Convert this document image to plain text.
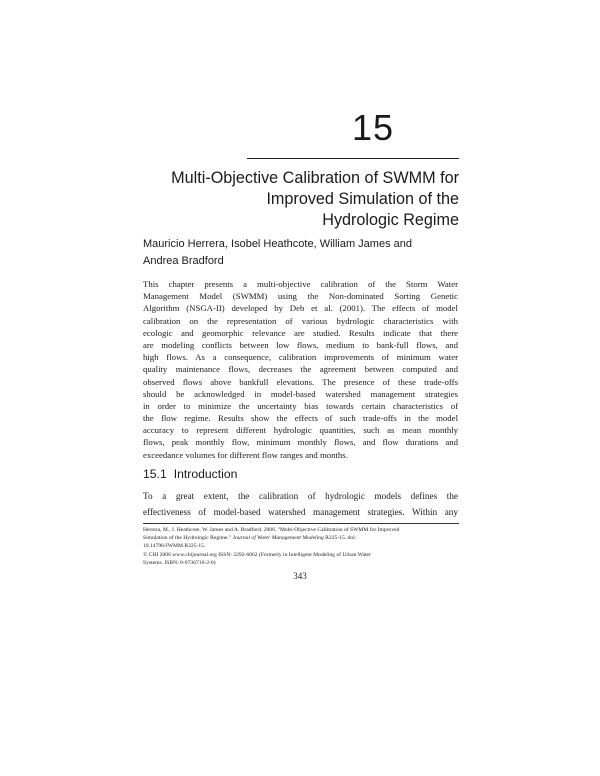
15
Multi-Objective Calibration of SWMM for
Improved Simulation of the
Hydrologic Regime
Mauricio Herrera, Isobel Heathcote, William James and
Andrea Bradford
This chapter presents a multi-objective calibration of the Storm Water
Management Model (SWMM) using the Non-dominated Sorting Genetic
Algorithm (NSGA-II) developed by Deb et al. (2001). The effects of model
calibration on the representation of various hydrologic characteristics with
ecologic and geomorphic relevance are studied. Results indicate that there
are modeling conflicts between low flows, medium to bank-full flows, and
high flows. As a consequence, calibration improvements of minimum water
quality maintenance flows, decreases the agreement between computed and
observed flows above bankfull elevations. The presence of these trade-offs
should be acknowledged in model-based watershed management strategies
in order to minimize the uncertainty bias towards certain characteristics of
the flow regime. Results show the effects of such trade-offs in the model
accuracy to represent different hydrologic quantities, such as mean monthly
flows, peak monthly flow, minimum monthly flows, and flow durations and
exceedance volumes for different flow ranges and months.
15.1 Introduction
To a great extent, the calibration of hydrologic models defines the
effectiveness of model-based watershed management strategies. Within any
Herrera, M., I. Heathcote, W. James and A. Bradford. 2006. "Multi-Objective Calibration of SWMM for Improved
Simulation of the Hydrologic Regime." Journal of Water Management Modeling R225-15. doi:
10.14796/JWMM.R225-15.
© CHI 2006 www.chijournal.org ISSN: 2292-6062 (Formerly in Intelligent Modeling of Urban Water
Systems. ISBN: 0-9736716-2-0)
343
